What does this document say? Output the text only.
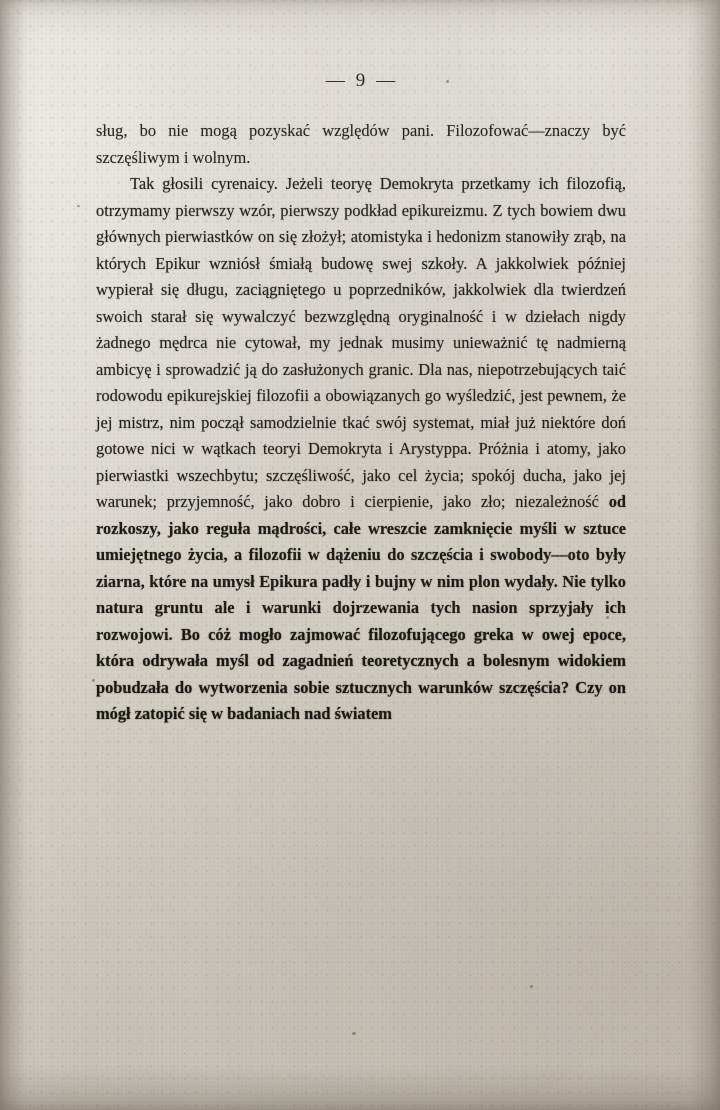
— 9 —

sług, bo nie mogą pozyskać względów pani. Filozofować—znaczy być szczęśliwym i wolnym.

Tak głosili cyrenaicy. Jeżeli teoryę Demokryta przetkamy ich filozofią, otrzymamy pierwszy wzór, pierwszy podkład epikureizmu. Z tych bowiem dwu głównych pierwiastków on się złożył; atomistyka i hedonizm stanowiły zrąb, na których Epikur wzniósł śmiałą budowę swej szkoły. A jakkolwiek później wypierał się długu, zaciągniętego u poprzedników, jakkolwiek dla twierdzeń swoich starał się wywalczyć bezwzględną oryginalność i w dziełach nigdy żadnego mędrca nie cytował, my jednak musimy unieważnić tę nadmierną ambicyę i sprowadzić ją do zasłużonych granic. Dla nas, niepotrzebujących taić rodowodu epikurejskiej filozofii a obowiązanych go wyśledzić, jest pewnem, że jej mistrz, nim począł samodzielnie tkać swój systemat, miał już niektóre doń gotowe nici w wątkach teoryi Demokryta i Arystyppa. Próżnia i atomy, jako pierwiastki wszechbytu; szczęśliwość, jako cel życia; spokój ducha, jako jej warunek; przyjemność, jako dobro i cierpienie, jako zło; niezależność od rozkoszy, jako reguła mądrości, całe wreszcie zamknięcie myśli w sztuce umiejętnego życia, a filozofii w dążeniu do szczęścia i swobody—oto były ziarna, które na umysł Epikura padły i bujny w nim plon wydały. Nie tylko natura gruntu ale i warunki dojrzewania tych nasion sprzyjały ich rozwojowi. Bo cóż mogło zajmować filozofującego greka w owej epoce, która odrywała myśl od zagadnień teoretycznych a bolesnym widokiem pobudzała do wytworzenia sobie sztucznych warunków szczęścia? Czy on mógł zatopić się w badaniach nad światem
